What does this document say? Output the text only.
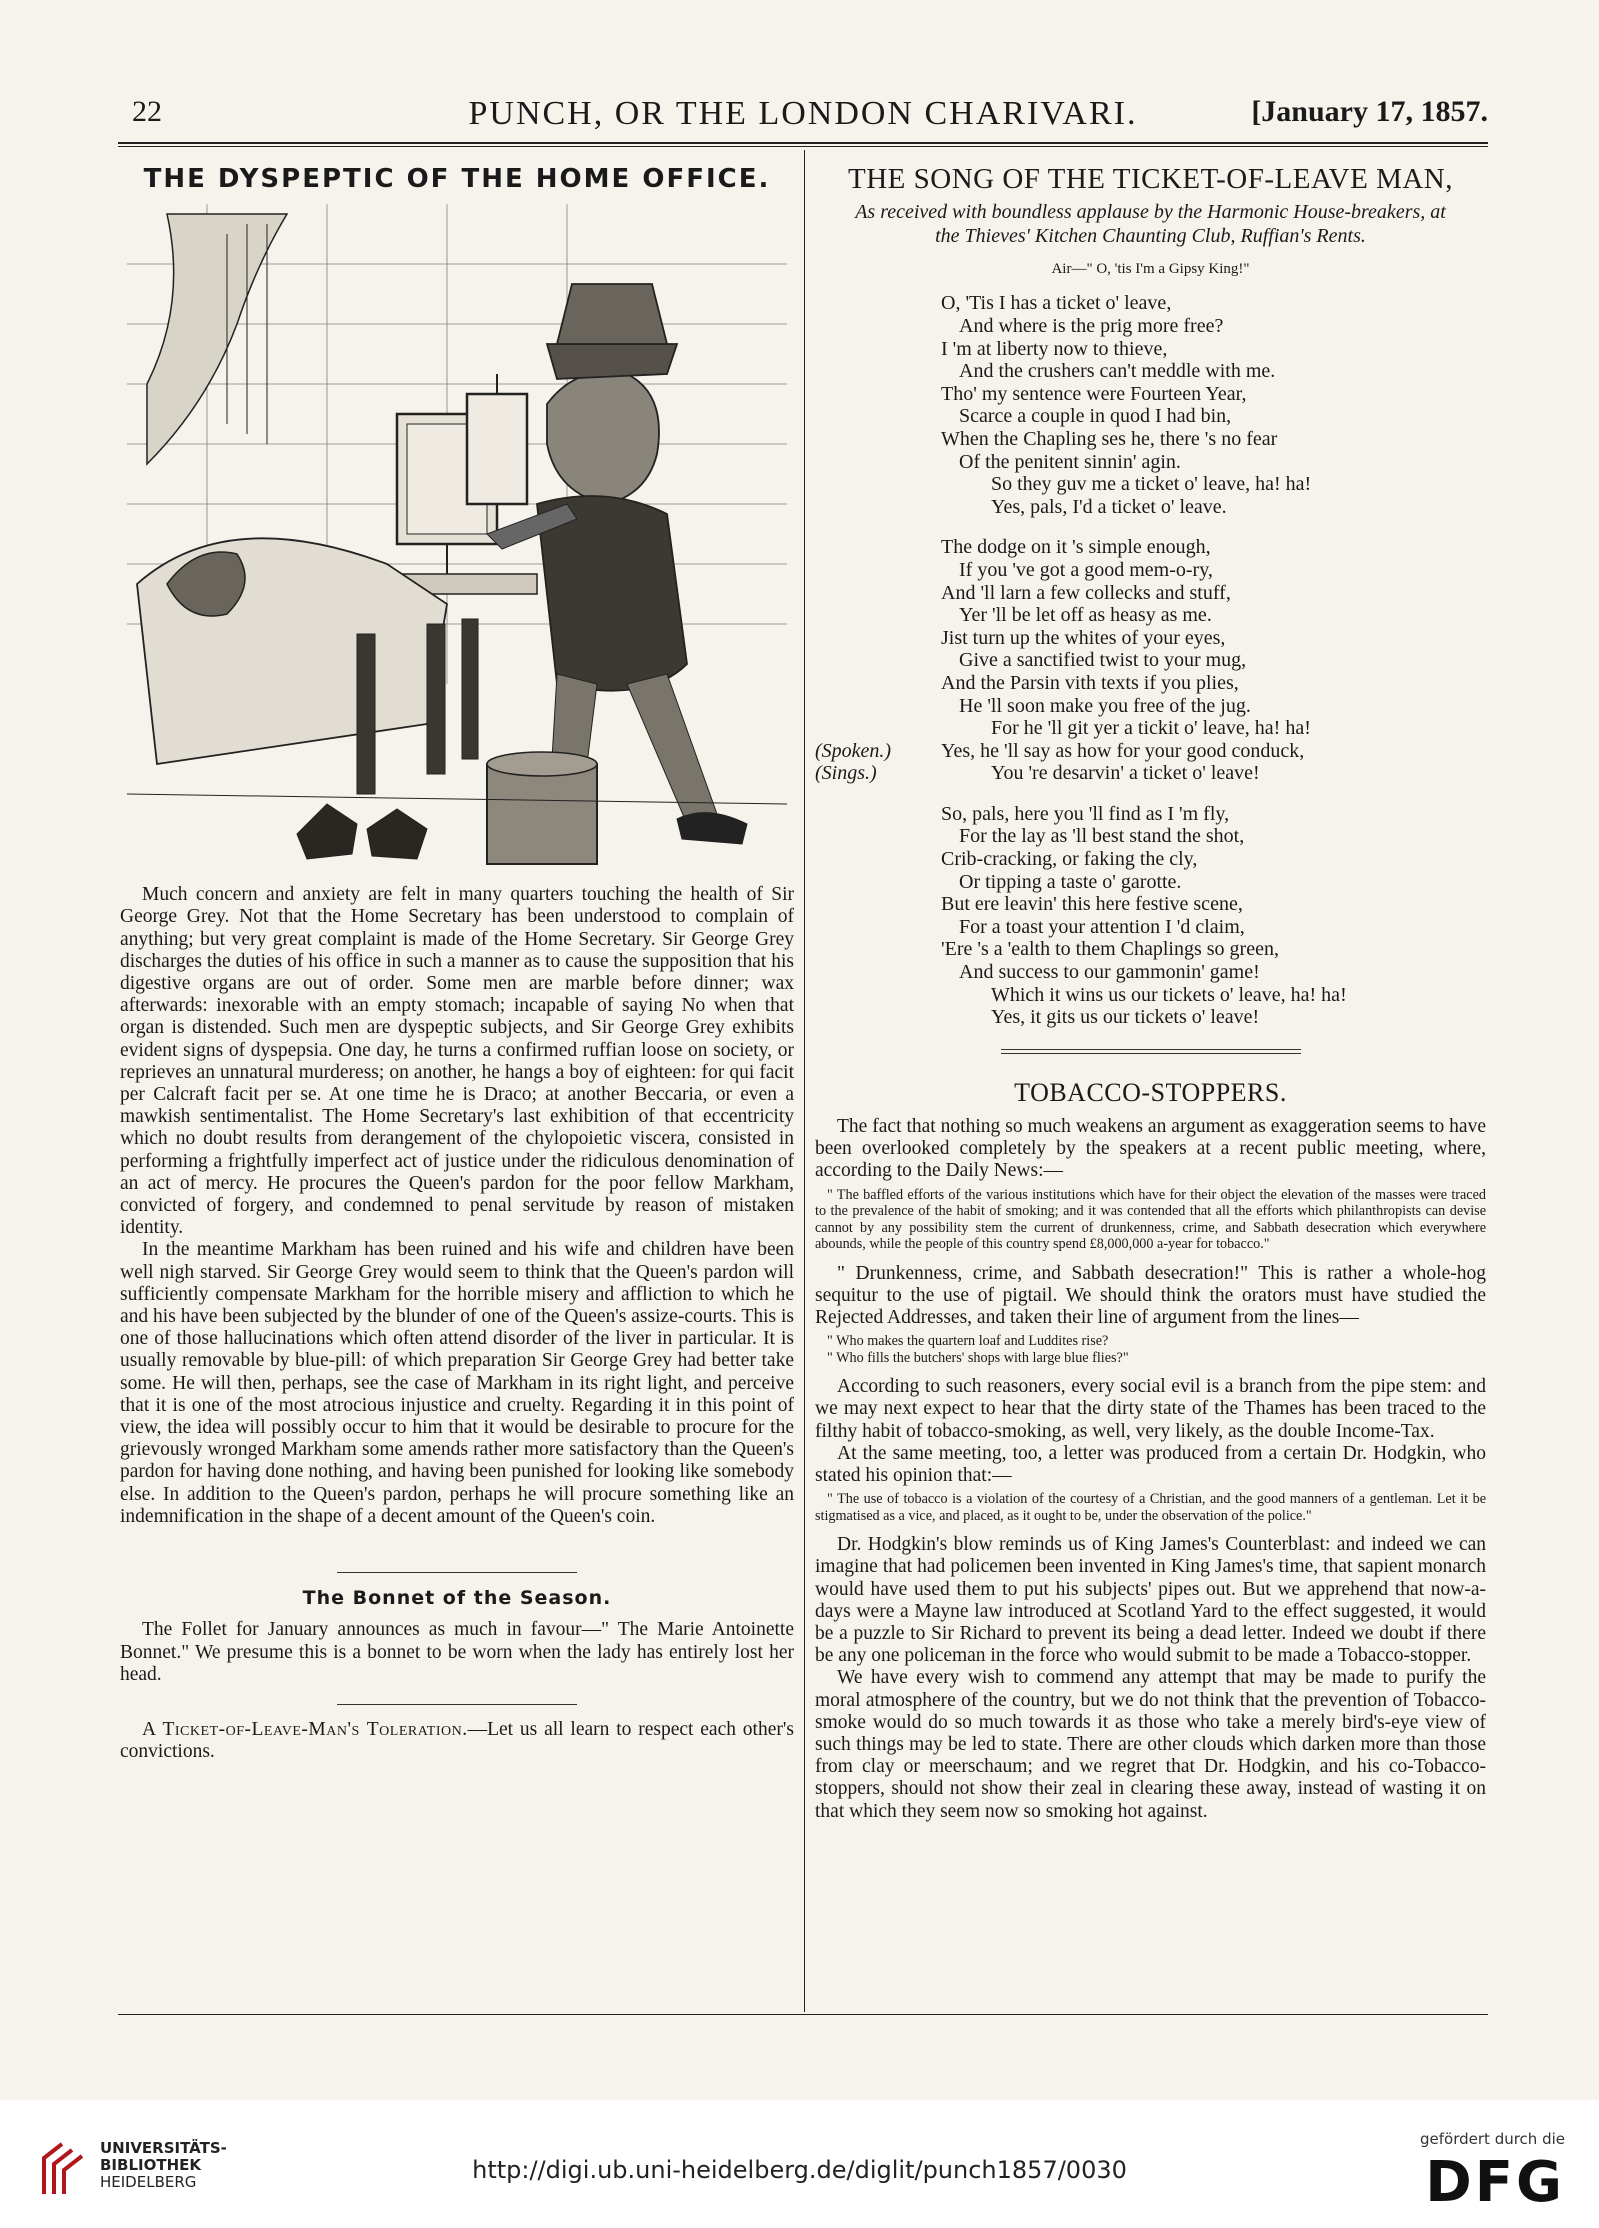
22	PUNCH, OR THE LONDON CHARIVARI.	[January 17, 1857.
THE DYSPEPTIC OF THE HOME OFFICE.

Much concern and anxiety are felt in many quarters touching the health of Sir George Grey. Not that the Home Secretary has been understood to complain of anything; but very great complaint is made of the Home Secretary. Sir George Grey discharges the duties of his office in such a manner as to cause the supposition that his digestive organs are out of order. Some men are marble before dinner; wax afterwards: inexorable with an empty stomach; incapable of saying No when that organ is distended. Such men are dyspeptic subjects, and Sir George Grey exhibits evident signs of dyspepsia. One day, he turns a confirmed ruffian loose on society, or reprieves an unnatural murderess; on another, he hangs a boy of eighteen: for qui facit per Calcraft facit per se. At one time he is Draco; at another Beccaria, or even a mawkish sentimentalist. The Home Secretary's last exhibition of that eccentricity which no doubt results from derangement of the chylopoietic viscera, consisted in performing a frightfully imperfect act of justice under the ridiculous denomination of an act of mercy. He procures the Queen's pardon for the poor fellow Markham, convicted of forgery, and condemned to penal servitude by reason of mistaken identity.

In the meantime Markham has been ruined and his wife and children have been well nigh starved. Sir George Grey would seem to think that the Queen's pardon will sufficiently compensate Markham for the horrible misery and affliction to which he and his have been subjected by the blunder of one of the Queen's assize-courts. This is one of those hallucinations which often attend disorder of the liver in particular. It is usually removable by blue-pill: of which preparation Sir George Grey had better take some. He will then, perhaps, see the case of Markham in its right light, and perceive that it is one of the most atrocious injustice and cruelty. Regarding it in this point of view, the idea will possibly occur to him that it would be desirable to procure for the grievously wronged Markham some amends rather more satisfactory than the Queen's pardon for having done nothing, and having been punished for looking like somebody else. In addition to the Queen's pardon, perhaps he will procure something like an indemnification in the shape of a decent amount of the Queen's coin.

The Bonnet of the Season.

The Follet for January announces as much in favour—" The Marie Antoinette Bonnet." We presume this is a bonnet to be worn when the lady has entirely lost her head.

A Ticket-of-Leave-Man's Toleration.—Let us all learn to respect each other's convictions.

THE SONG OF THE TICKET-OF-LEAVE MAN,
As received with boundless applause by the Harmonic House-breakers, at
the Thieves' Kitchen Chaunting Club, Ruffian's Rents.
Air—" O, 'tis I'm a Gipsy King!"
O, 'Tis I has a ticket o' leave,
And where is the prig more free?
I 'm at liberty now to thieve,
And the crushers can't meddle with me.
Tho' my sentence were Fourteen Year,
Scarce a couple in quod I had bin,
When the Chapling ses he, there 's no fear
Of the penitent sinnin' agin.
So they guv me a ticket o' leave, ha! ha!
Yes, pals, I'd a ticket o' leave.
The dodge on it 's simple enough,
If you 've got a good mem-o-ry,
And 'll larn a few collecks and stuff,
Yer 'll be let off as heasy as me.
Jist turn up the whites of your eyes,
Give a sanctified twist to your mug,
And the Parsin vith texts if you plies,
He 'll soon make you free of the jug.
For he 'll git yer a tickit o' leave, ha! ha!
(Spoken.) Yes, he 'll say as how for your good conduck,
(Sings.)	You 're desarvin' a ticket o' leave!
So, pals, here you 'll find as I 'm fly,
For the lay as 'll best stand the shot,
Crib-cracking, or faking the cly,
Or tipping a taste o' garotte.
But ere leavin' this here festive scene,
For a toast your attention I 'd claim,
'Ere 's a 'ealth to them Chaplings so green,
And success to our gammonin' game!
Which it wins us our tickets o' leave, ha! ha!
Yes, it gits us our tickets o' leave!
TOBACCO-STOPPERS.

The fact that nothing so much weakens an argument as exaggeration seems to have been overlooked completely by the speakers at a recent public meeting, where, according to the Daily News:—

" The baffled efforts of the various institutions which have for their object the elevation of the masses were traced to the prevalence of the habit of smoking; and it was contended that all the efforts which philanthropists can devise cannot by any possibility stem the current of drunkenness, crime, and Sabbath desecration which everywhere abounds, while the people of this country spend £8,000,000 a-year for tobacco."

" Drunkenness, crime, and Sabbath desecration!" This is rather a whole-hog sequitur to the use of pigtail. We should think the orators must have studied the Rejected Addresses, and taken their line of argument from the lines—

" Who makes the quartern loaf and Luddites rise?

" Who fills the butchers' shops with large blue flies?"

According to such reasoners, every social evil is a branch from the pipe stem: and we may next expect to hear that the dirty state of the Thames has been traced to the filthy habit of tobacco-smoking, as well, very likely, as the double Income-Tax.

At the same meeting, too, a letter was produced from a certain Dr. Hodgkin, who stated his opinion that:—

" The use of tobacco is a violation of the courtesy of a Christian, and the good manners of a gentleman. Let it be stigmatised as a vice, and placed, as it ought to be, under the observation of the police."

Dr. Hodgkin's blow reminds us of King James's Counterblast: and indeed we can imagine that had policemen been invented in King James's time, that sapient monarch would have used them to put his subjects' pipes out. But we apprehend that now-a-days were a Mayne law introduced at Scotland Yard to the effect suggested, it would be a puzzle to Sir Richard to prevent its being a dead letter. Indeed we doubt if there be any one policeman in the force who would submit to be made a Tobacco-stopper.

We have every wish to commend any attempt that may be made to purify the moral atmosphere of the country, but we do not think that the prevention of Tobacco-smoke would do so much towards it as those who take a merely bird's-eye view of such things may be led to state. There are other clouds which darken more than those from clay or meerschaum; and we regret that Dr. Hodgkin, and his co-Tobacco-stoppers, should not show their zeal in clearing these away, instead of wasting it on that which they seem now so smoking hot against.

UNIVERSITÄTS-
BIBLIOTHEK
HEIDELBERG	http://digi.ub.uni-heidelberg.de/diglit/punch1857/0030
gefördert durch die
DFG
